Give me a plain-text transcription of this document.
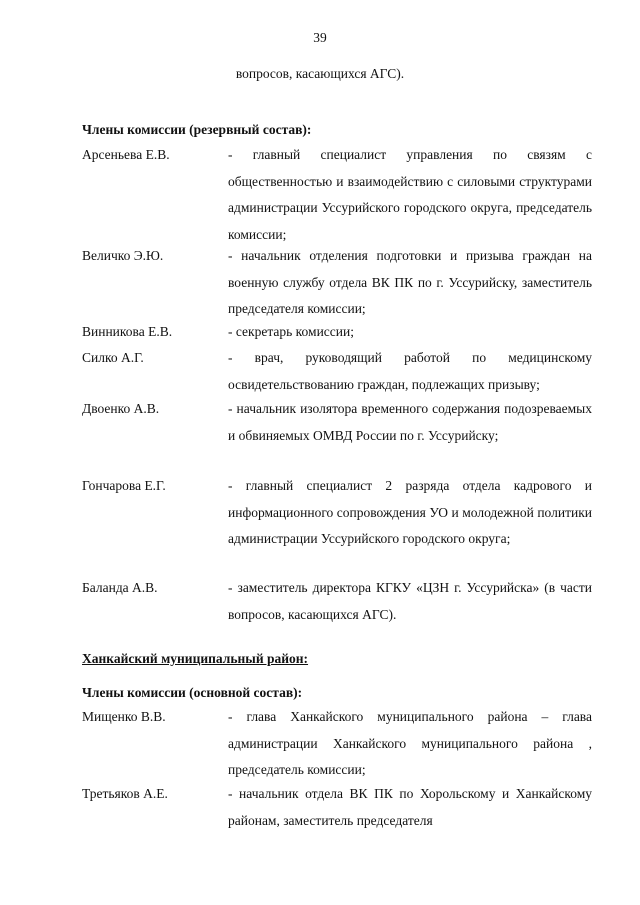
39
вопросов, касающихся АГС).
Члены комиссии (резервный состав):
Арсеньева Е.В.	- главный специалист управления по связям с общественностью и взаимодействию с силовыми структурами администрации Уссурийского городского округа, председатель комиссии;
Величко Э.Ю.	- начальник отделения подготовки и призыва граждан на военную службу отдела ВК ПК по г. Уссурийску, заместитель председателя комиссии;
Винникова Е.В.	- секретарь комиссии;
Силко А.Г.	- врач, руководящий работой по медицинскому освидетельствованию граждан, подлежащих призыву;
Двоенко А.В.	- начальник изолятора временного содержания подозреваемых и обвиняемых ОМВД России по г. Уссурийску;
Гончарова Е.Г.	- главный специалист 2 разряда отдела кадрового и информационного сопровождения УО и молодежной политики администрации Уссурийского городского округа;
Баланда А.В.	- заместитель директора КГКУ «ЦЗН г. Уссурийска» (в части вопросов, касающихся АГС).
Ханкайский муниципальный район:
Члены комиссии (основной состав):
Мищенко В.В.	- глава Ханкайского муниципального района – глава администрации Ханкайского муниципального района , председатель комиссии;
Третьяков А.Е.	- начальник отдела ВК ПК по Хорольскому и Ханкайскому районам, заместитель председателя
